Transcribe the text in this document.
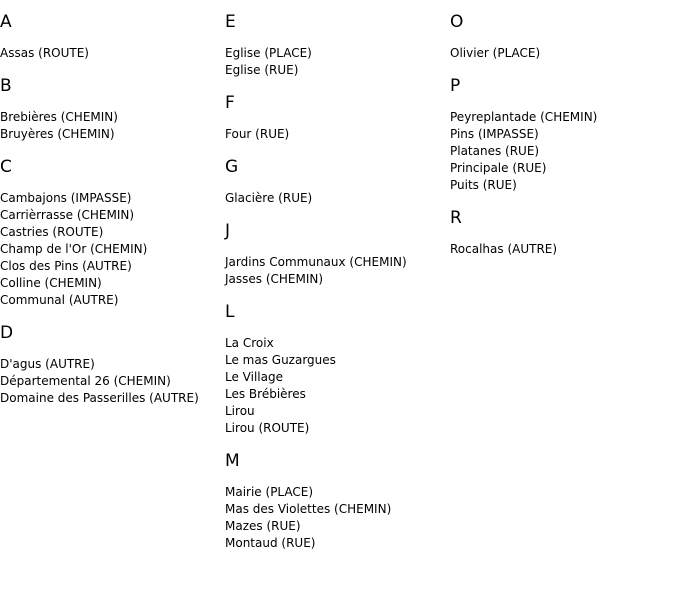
A
Assas (ROUTE)
B
Brebières (CHEMIN)
Bruyères (CHEMIN)
C
Cambajons (IMPASSE)
Carrièrrasse (CHEMIN)
Castries (ROUTE)
Champ de l'Or (CHEMIN)
Clos des Pins (AUTRE)
Colline (CHEMIN)
Communal (AUTRE)
D
D'agus (AUTRE)
Départemental 26 (CHEMIN)
Domaine des Passerilles (AUTRE)
E
Eglise (PLACE)
Eglise (RUE)
F
Four (RUE)
G
Glacière (RUE)
J
Jardins Communaux (CHEMIN)
Jasses (CHEMIN)
L
La Croix
Le mas Guzargues
Le Village
Les Brébières
Lirou
Lirou (ROUTE)
M
Mairie (PLACE)
Mas des Violettes (CHEMIN)
Mazes (RUE)
Montaud (RUE)
O
Olivier (PLACE)
P
Peyreplantade (CHEMIN)
Pins (IMPASSE)
Platanes (RUE)
Principale (RUE)
Puits (RUE)
R
Rocalhas (AUTRE)
